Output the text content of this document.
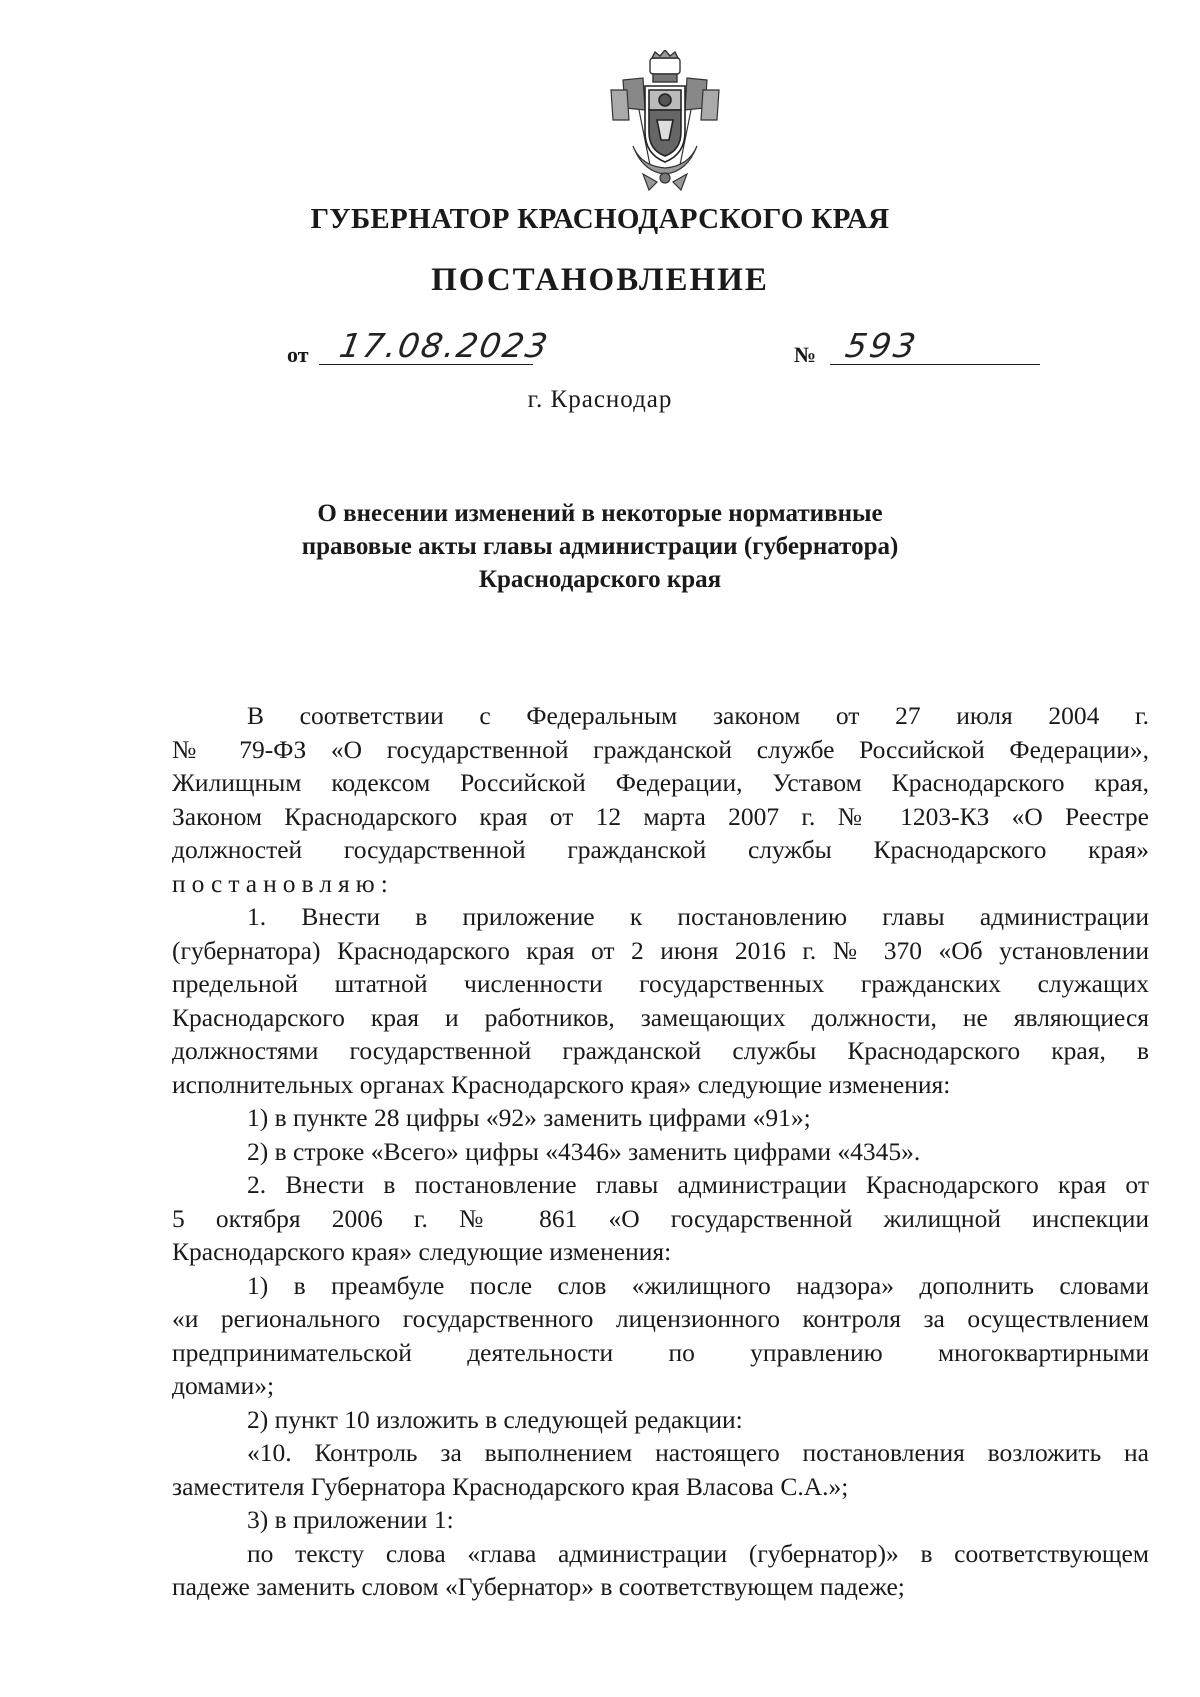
ГУБЕРНАТОР КРАСНОДАРСКОГО КРАЯ
ПОСТАНОВЛЕНИЕ
от 17.08.2023	№ 593
г. Краснодар
О внесении изменений в некоторые нормативные
правовые акты главы администрации (губернатора)
Краснодарского края
В соответствии с Федеральным законом от 27 июля 2004 г.
№ 79-ФЗ «О государственной гражданской службе Российской Федерации»,
Жилищным кодексом Российской Федерации, Уставом Краснодарского края,
Законом Краснодарского края от 12 марта 2007 г. № 1203-КЗ «О Реестре
должностей государственной гражданской службы Краснодарского края»
постановляю:
1. Внести в приложение к постановлению главы администрации
(губернатора) Краснодарского края от 2 июня 2016 г. № 370 «Об установлении
предельной штатной численности государственных гражданских служащих
Краснодарского края и работников, замещающих должности, не являющиеся
должностями государственной гражданской службы Краснодарского края, в
исполнительных органах Краснодарского края» следующие изменения:
1) в пункте 28 цифры «92» заменить цифрами «91»;
2) в строке «Всего» цифры «4346» заменить цифрами «4345».
2. Внести в постановление главы администрации Краснодарского края от
5 октября 2006 г. № 861 «О государственной жилищной инспекции
Краснодарского края» следующие изменения:
1) в преамбуле после слов «жилищного надзора» дополнить словами
«и регионального государственного лицензионного контроля за осуществлением
предпринимательской деятельности по управлению многоквартирными
домами»;
2) пункт 10 изложить в следующей редакции:
«10. Контроль за выполнением настоящего постановления возложить на
заместителя Губернатора Краснодарского края Власова С.А.»;
3) в приложении 1:
по тексту слова «глава администрации (губернатор)» в соответствующем
падеже заменить словом «Губернатор» в соответствующем падеже;
